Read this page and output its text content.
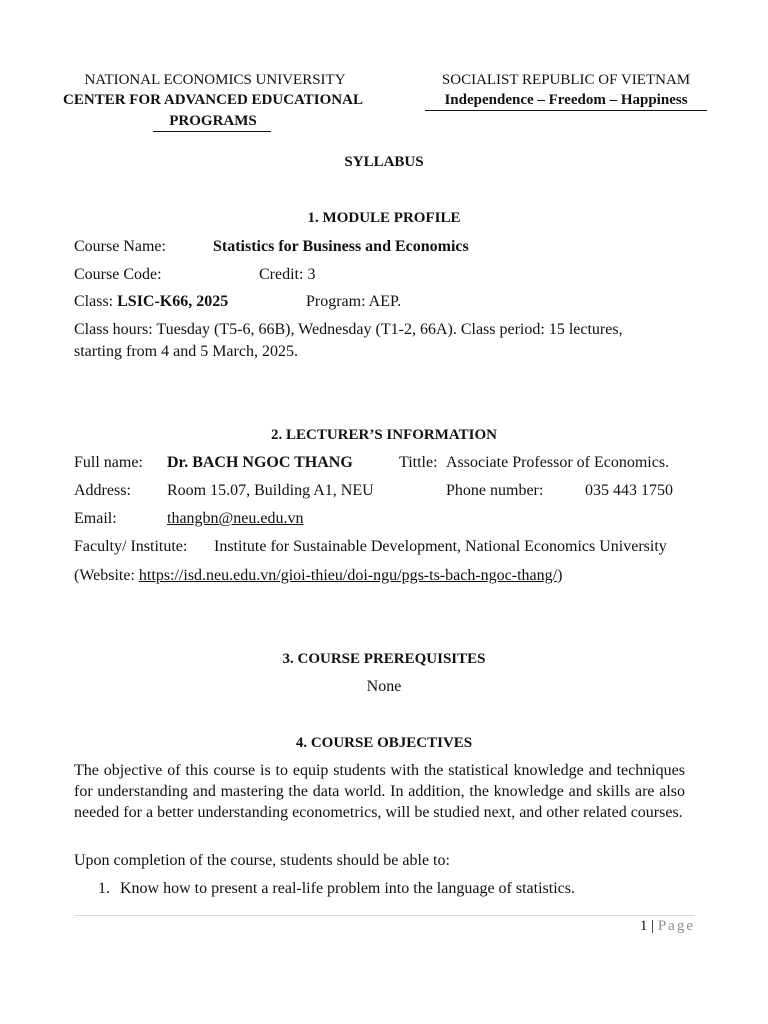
NATIONAL ECONOMICS UNIVERSITY
CENTER FOR ADVANCED EDUCATIONAL
PROGRAMS
SOCIALIST REPUBLIC OF VIETNAM
Independence – Freedom – Happiness
SYLLABUS
1. MODULE PROFILE
Course Name:	Statistics for Business and Economics
Course Code:	Credit: 3
Class: LSIC-K66, 2025	Program: AEP.
Class hours: Tuesday (T5-6, 66B), Wednesday (T1-2, 66A). Class period: 15 lectures,
starting from 4 and 5 March, 2025.
2. LECTURER’S INFORMATION
Full name: Dr. BACH NGOC THANG	Tittle: Associate Professor of Economics.
Address: Room 15.07, Building A1, NEU	Phone number:	035 443 1750
Email:	thangbn@neu.edu.vn
Faculty/ Institute: Institute for Sustainable Development, National Economics University
(Website: https://isd.neu.edu.vn/gioi-thieu/doi-ngu/pgs-ts-bach-ngoc-thang/)
3. COURSE PREREQUISITES
None
4. COURSE OBJECTIVES
The objective of this course is to equip students with the statistical knowledge and techniques for understanding and mastering the data world. In addition, the knowledge and skills are also needed for a better understanding econometrics, will be studied next, and other related courses.
Upon completion of the course, students should be able to:
1. Know how to present a real-life problem into the language of statistics.
1 | Page
